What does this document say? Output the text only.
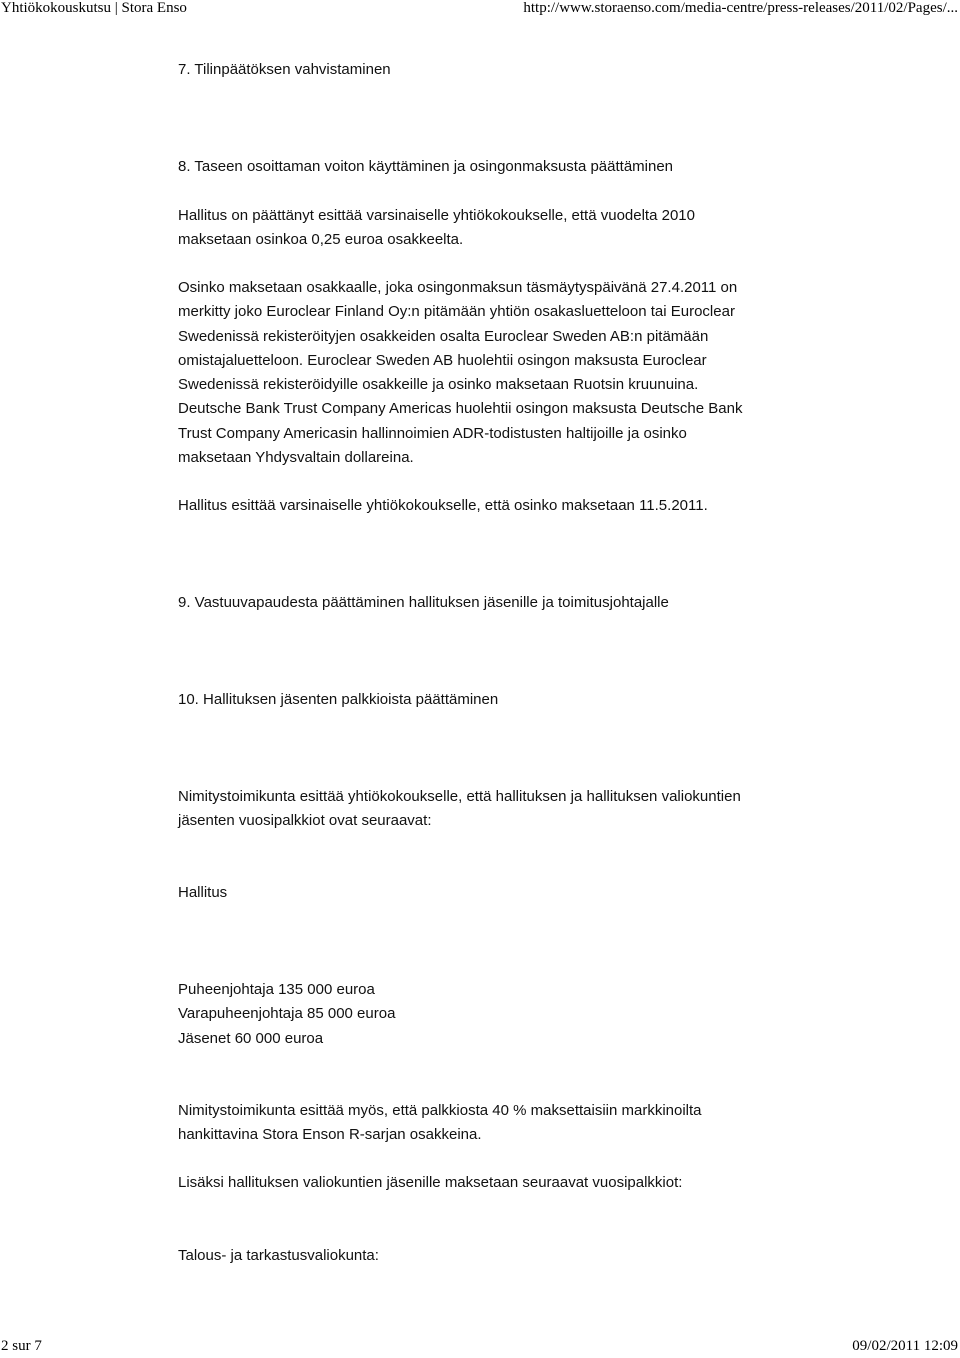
Yhtiökokouskutsu | Stora Enso	http://www.storaenso.com/media-centre/press-releases/2011/02/Pages/...

7. Tilinpäätöksen vahvistaminen

8. Taseen osoittaman voiton käyttäminen ja osingonmaksusta päättäminen

Hallitus on päättänyt esittää varsinaiselle yhtiökokoukselle, että vuodelta 2010
maksetaan osinkoa 0,25 euroa osakkeelta.
Osinko maksetaan osakkaalle, joka osingonmaksun täsmäytyspäivänä 27.4.2011 on
merkitty joko Euroclear Finland Oy:n pitämään yhtiön osakasluetteloon tai Euroclear
Swedenissä rekisteröityjen osakkeiden osalta Euroclear Sweden AB:n pitämään
omistajaluetteloon. Euroclear Sweden AB huolehtii osingon maksusta Euroclear
Swedenissä rekisteröidyille osakkeille ja osinko maksetaan Ruotsin kruunuina.
Deutsche Bank Trust Company Americas huolehtii osingon maksusta Deutsche Bank
Trust Company Americasin hallinnoimien ADR-todistusten haltijoille ja osinko
maksetaan Yhdysvaltain dollareina.

Hallitus esittää varsinaiselle yhtiökokoukselle, että osinko maksetaan 11.5.2011.

9. Vastuuvapaudesta päättäminen hallituksen jäsenille ja toimitusjohtajalle

10. Hallituksen jäsenten palkkioista päättäminen

Nimitystoimikunta esittää yhtiökokoukselle, että hallituksen ja hallituksen valiokuntien
jäsenten vuosipalkkiot ovat seuraavat:

Hallitus

Puheenjohtaja 135 000 euroa
Varapuheenjohtaja 85 000 euroa
Jäsenet 60 000 euroa
Nimitystoimikunta esittää myös, että palkkiosta 40 % maksettaisiin markkinoilta
hankittavina Stora Enson R-sarjan osakkeina.

Lisäksi hallituksen valiokuntien jäsenille maksetaan seuraavat vuosipalkkiot:

Talous- ja tarkastusvaliokunta:

2 sur 7	09/02/2011 12:09
